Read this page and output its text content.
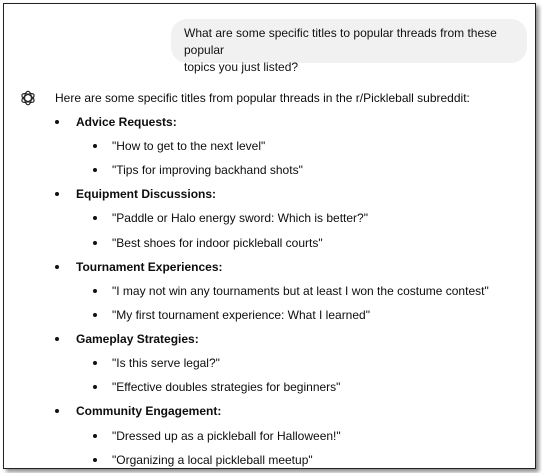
What are some specific titles to popular threads from these popular
topics you just listed?
Here are some specific titles from popular threads in the r/Pickleball subreddit:
Advice Requests:
"How to get to the next level"
"Tips for improving backhand shots"
Equipment Discussions:
"Paddle or Halo energy sword: Which is better?"
"Best shoes for indoor pickleball courts"
Tournament Experiences:
"I may not win any tournaments but at least I won the costume contest"
"My first tournament experience: What I learned"
Gameplay Strategies:
"Is this serve legal?"
"Effective doubles strategies for beginners"
Community Engagement:
"Dressed up as a pickleball for Halloween!"
"Organizing a local pickleball meetup"
